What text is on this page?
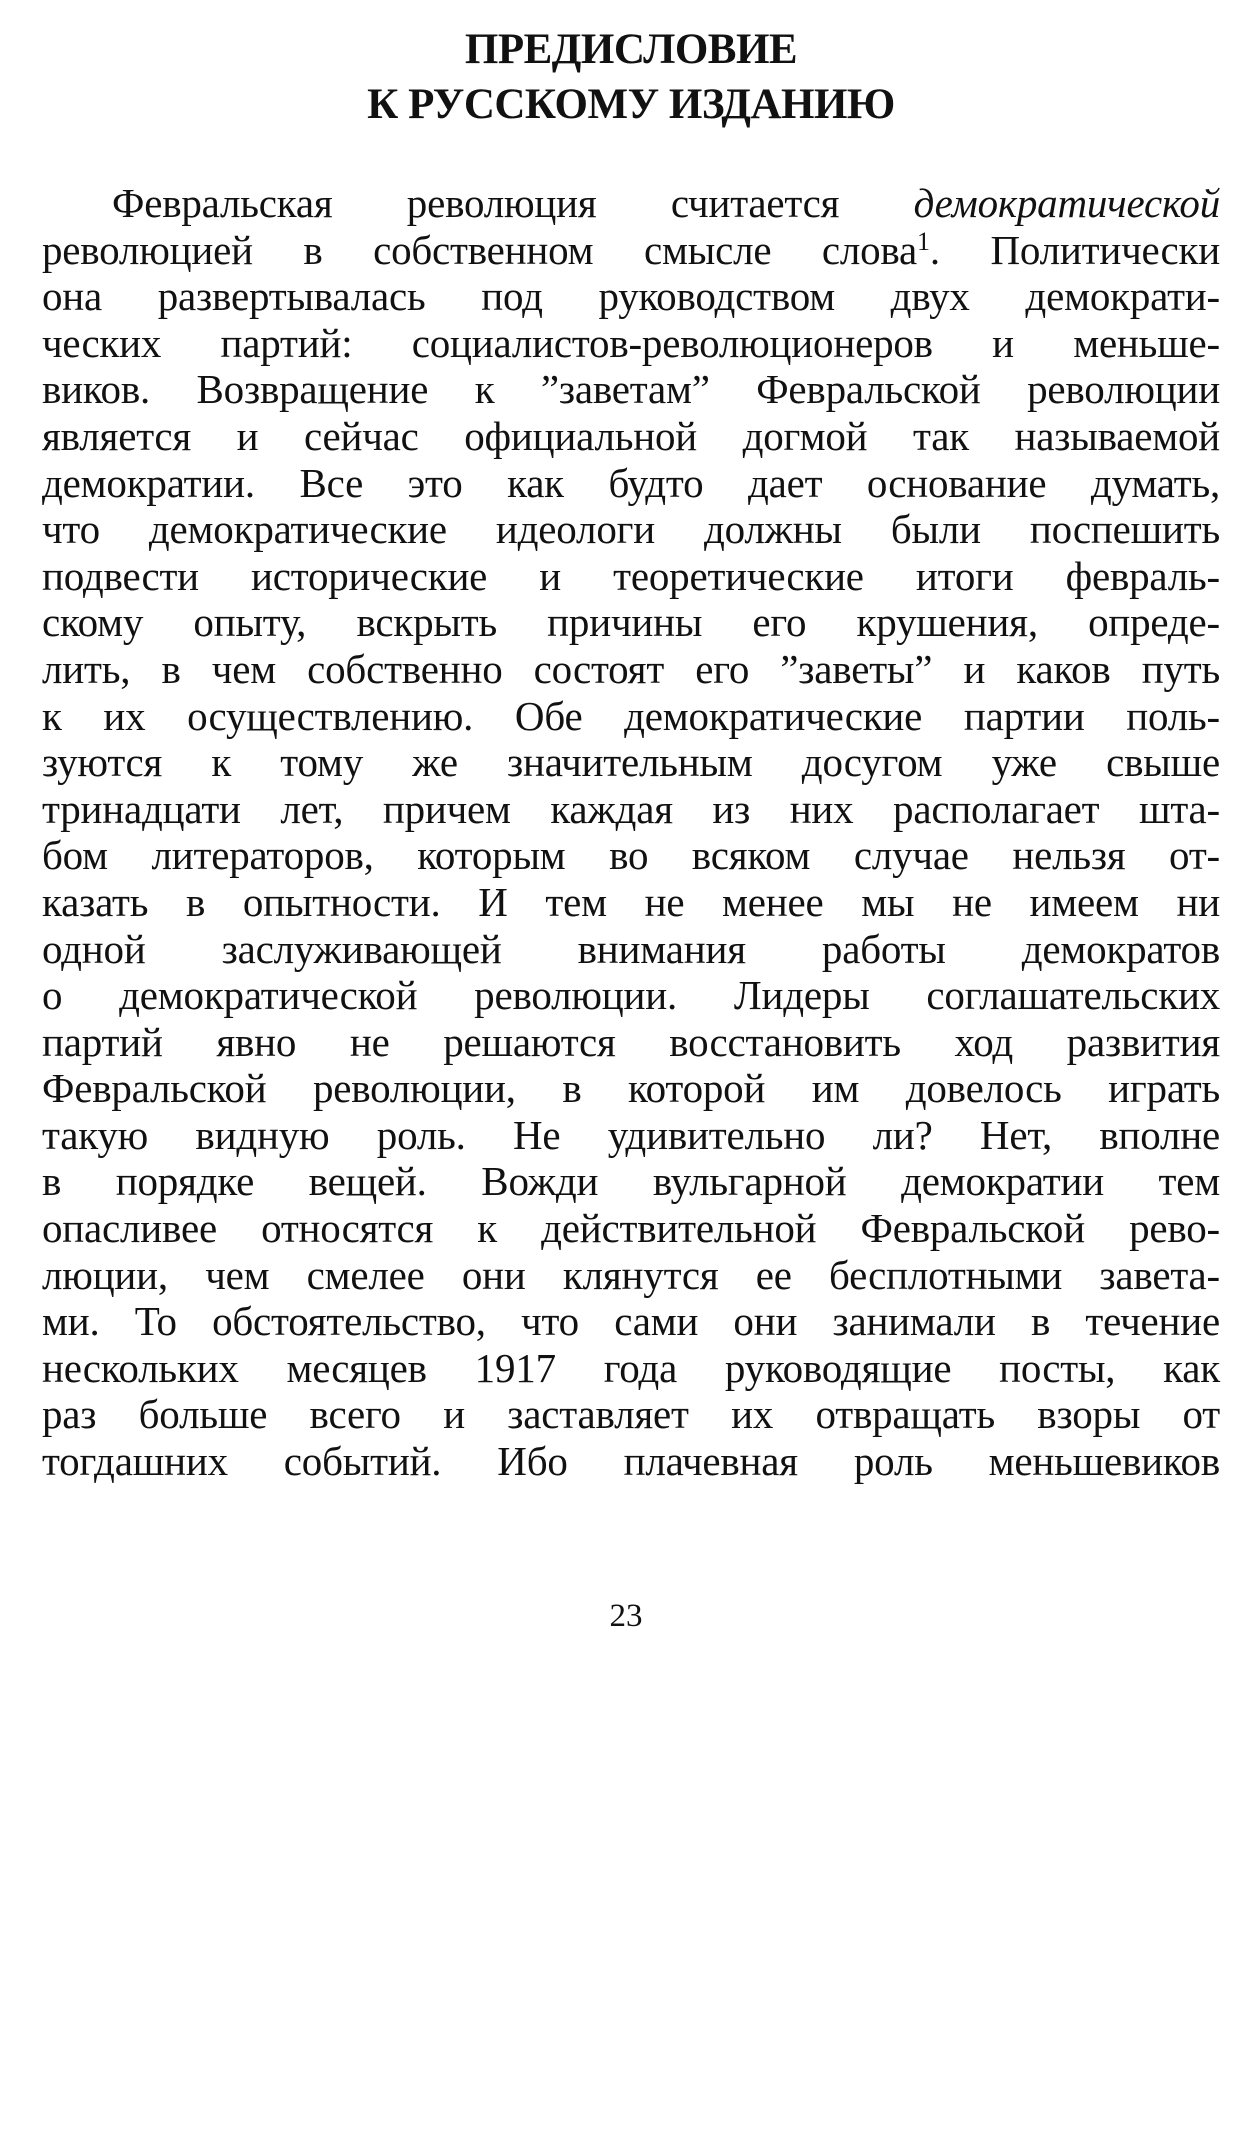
ПРЕДИСЛОВИЕ
К РУССКОМУ ИЗДАНИЮ

Февральская революция считается демократической
революцией в собственном смысле слова$^1$. Политически
она развертывалась под руководством двух демократи-
ческих партий: социалистов-революционеров и меньше-
виков. Возвращение к ”заветам” Февральской революции
является и сейчас официальной догмой так называемой
демократии. Все это как будто дает основание думать,
что демократические идеологи должны были поспешить
подвести исторические и теоретические итоги февраль-
скому опыту, вскрыть причины его крушения, опреде-
лить, в чем собственно состоят его ”заветы” и каков путь
к их осуществлению. Обе демократические партии поль-
зуются к тому же значительным досугом уже свыше
тринадцати лет, причем каждая из них располагает шта-
бом литераторов, которым во всяком случае нельзя от-
казать в опытности. И тем не менее мы не имеем ни
одной заслуживающей внимания работы демократов
о демократической революции. Лидеры соглашательских
партий явно не решаются восстановить ход развития
Февральской революции, в которой им довелось играть
такую видную роль. Не удивительно ли? Нет, вполне
в порядке вещей. Вожди вульгарной демократии тем
опасливее относятся к действительной Февральской рево-
люции, чем смелее они клянутся ее бесплотными завета-
ми. То обстоятельство, что сами они занимали в течение
нескольких месяцев 1917 года руководящие посты, как
раз больше всего и заставляет их отвращать взоры от
тогдашних событий. Ибо плачевная роль меньшевиков

23
